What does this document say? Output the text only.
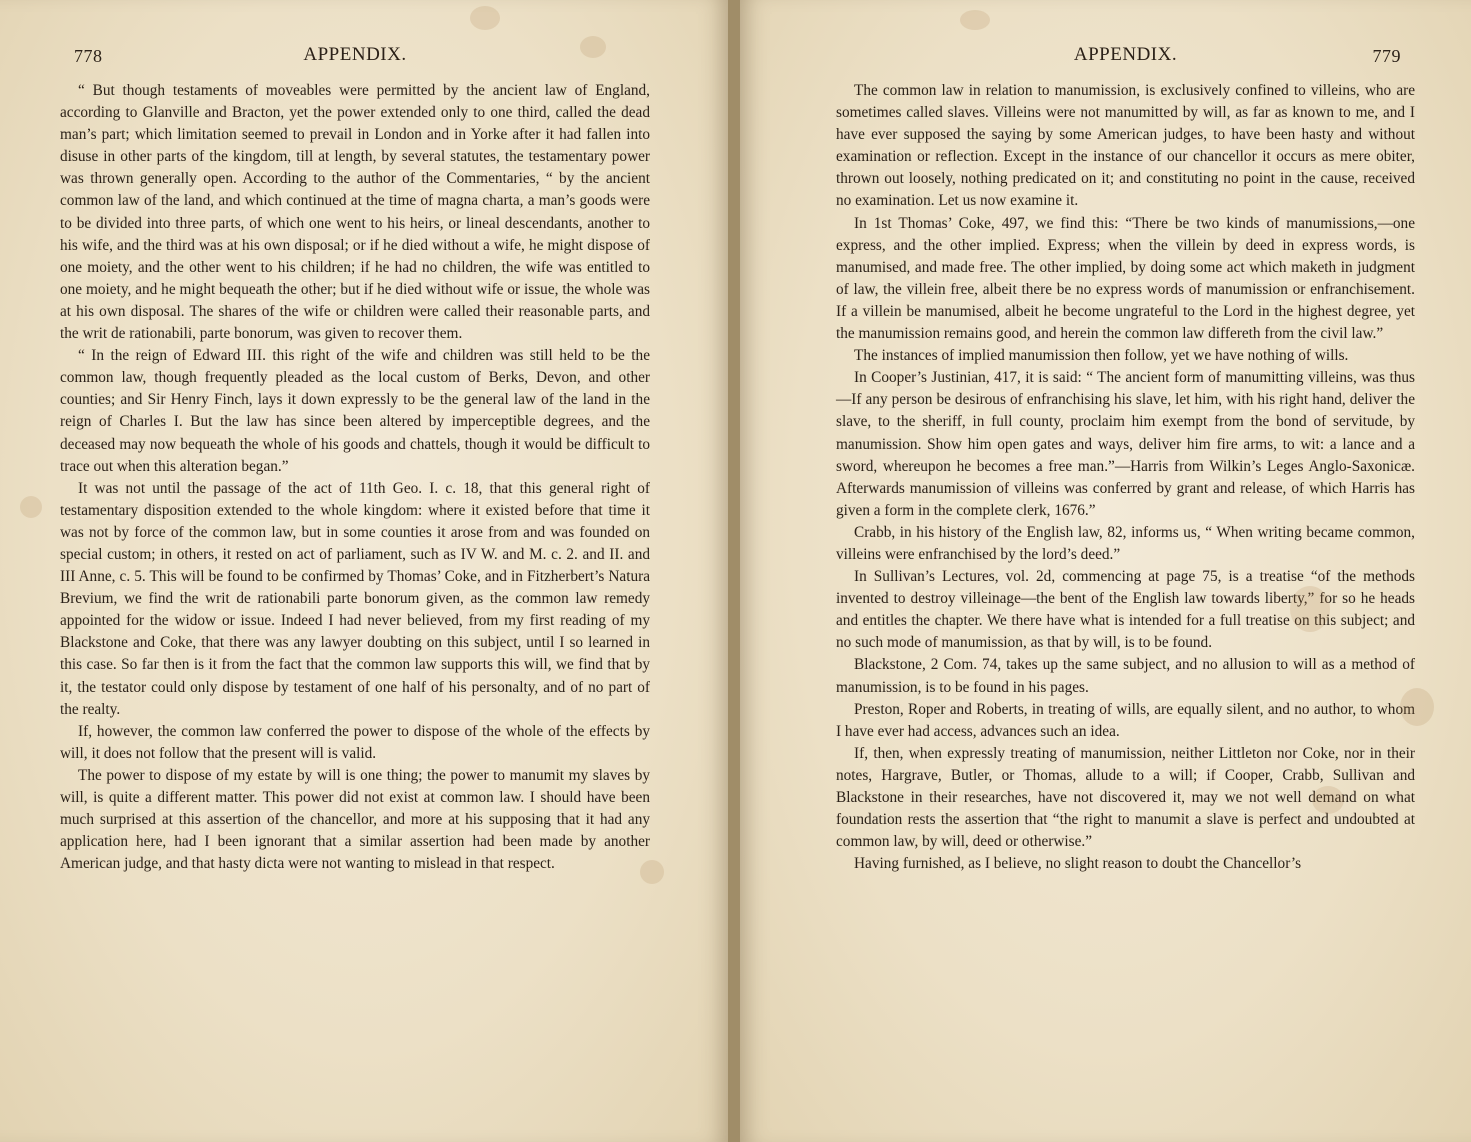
778	APPENDIX.

“ But though testaments of moveables were permitted by the ancient law of England, according to Glanville and Bracton, yet the power extended only to one third, called the dead man’s part; which limitation seemed to prevail in London and in Yorke after it had fallen into disuse in other parts of the kingdom, till at length, by several statutes, the testamentary power was thrown generally open. According to the author of the Commentaries, “ by the ancient common law of the land, and which continued at the time of magna charta, a man’s goods were to be divided into three parts, of which one went to his heirs, or lineal descendants, another to his wife, and the third was at his own disposal; or if he died without a wife, he might dispose of one moiety, and the other went to his children; if he had no children, the wife was entitled to one moiety, and he might bequeath the other; but if he died without wife or issue, the whole was at his own disposal. The shares of the wife or children were called their reasonable parts, and the writ de rationabili, parte bonorum, was given to recover them.

“ In the reign of Edward III. this right of the wife and children was still held to be the common law, though frequently pleaded as the local custom of Berks, Devon, and other counties; and Sir Henry Finch, lays it down expressly to be the general law of the land in the reign of Charles I. But the law has since been altered by imperceptible degrees, and the deceased may now bequeath the whole of his goods and chattels, though it would be difficult to trace out when this alteration began.”

It was not until the passage of the act of 11th Geo. I. c. 18, that this general right of testamentary disposition extended to the whole kingdom: where it existed before that time it was not by force of the common law, but in some counties it arose from and was founded on special custom; in others, it rested on act of parliament, such as IV W. and M. c. 2. and II. and III Anne, c. 5. This will be found to be confirmed by Thomas’ Coke, and in Fitzherbert’s Natura Brevium, we find the writ de rationabili parte bonorum given, as the common law remedy appointed for the widow or issue. Indeed I had never believed, from my first reading of my Blackstone and Coke, that there was any lawyer doubting on this subject, until I so learned in this case. So far then is it from the fact that the common law supports this will, we find that by it, the testator could only dispose by testament of one half of his personalty, and of no part of the realty.

If, however, the common law conferred the power to dispose of the whole of the effects by will, it does not follow that the present will is valid.

The power to dispose of my estate by will is one thing; the power to manumit my slaves by will, is quite a different matter. This power did not exist at common law. I should have been much surprised at this assertion of the chancellor, and more at his supposing that it had any application here, had I been ignorant that a similar assertion had been made by another American judge, and that hasty dicta were not wanting to mislead in that respect.

APPENDIX.	779

The common law in relation to manumission, is exclusively confined to villeins, who are sometimes called slaves. Villeins were not manumitted by will, as far as known to me, and I have ever supposed the saying by some American judges, to have been hasty and without examination or reflection. Except in the instance of our chancellor it occurs as mere obiter, thrown out loosely, nothing predicated on it; and constituting no point in the cause, received no examination. Let us now examine it.

In 1st Thomas’ Coke, 497, we find this: “There be two kinds of manumissions,—one express, and the other implied. Express; when the villein by deed in express words, is manumised, and made free. The other implied, by doing some act which maketh in judgment of law, the villein free, albeit there be no express words of manumission or enfranchisement. If a villein be manumised, albeit he become ungrateful to the Lord in the highest degree, yet the manumission remains good, and herein the common law differeth from the civil law.”

The instances of implied manumission then follow, yet we have nothing of wills.

In Cooper’s Justinian, 417, it is said: “ The ancient form of manumitting villeins, was thus—If any person be desirous of enfranchising his slave, let him, with his right hand, deliver the slave, to the sheriff, in full county, proclaim him exempt from the bond of servitude, by manumission. Show him open gates and ways, deliver him fire arms, to wit: a lance and a sword, whereupon he becomes a free man.”—Harris from Wilkin’s Leges Anglo-Saxonicæ. Afterwards manumission of villeins was conferred by grant and release, of which Harris has given a form in the complete clerk, 1676.”

Crabb, in his history of the English law, 82, informs us, “ When writing became common, villeins were enfranchised by the lord’s deed.”

In Sullivan’s Lectures, vol. 2d, commencing at page 75, is a treatise “of the methods invented to destroy villeinage—the bent of the English law towards liberty,” for so he heads and entitles the chapter. We there have what is intended for a full treatise on this subject; and no such mode of manumission, as that by will, is to be found.

Blackstone, 2 Com. 74, takes up the same subject, and no allusion to will as a method of manumission, is to be found in his pages.

Preston, Roper and Roberts, in treating of wills, are equally silent, and no author, to whom I have ever had access, advances such an idea.

If, then, when expressly treating of manumission, neither Littleton nor Coke, nor in their notes, Hargrave, Butler, or Thomas, allude to a will; if Cooper, Crabb, Sullivan and Blackstone in their researches, have not discovered it, may we not well demand on what foundation rests the assertion that “the right to manumit a slave is perfect and undoubted at common law, by will, deed or otherwise.”

Having furnished, as I believe, no slight reason to doubt the Chancellor’s
